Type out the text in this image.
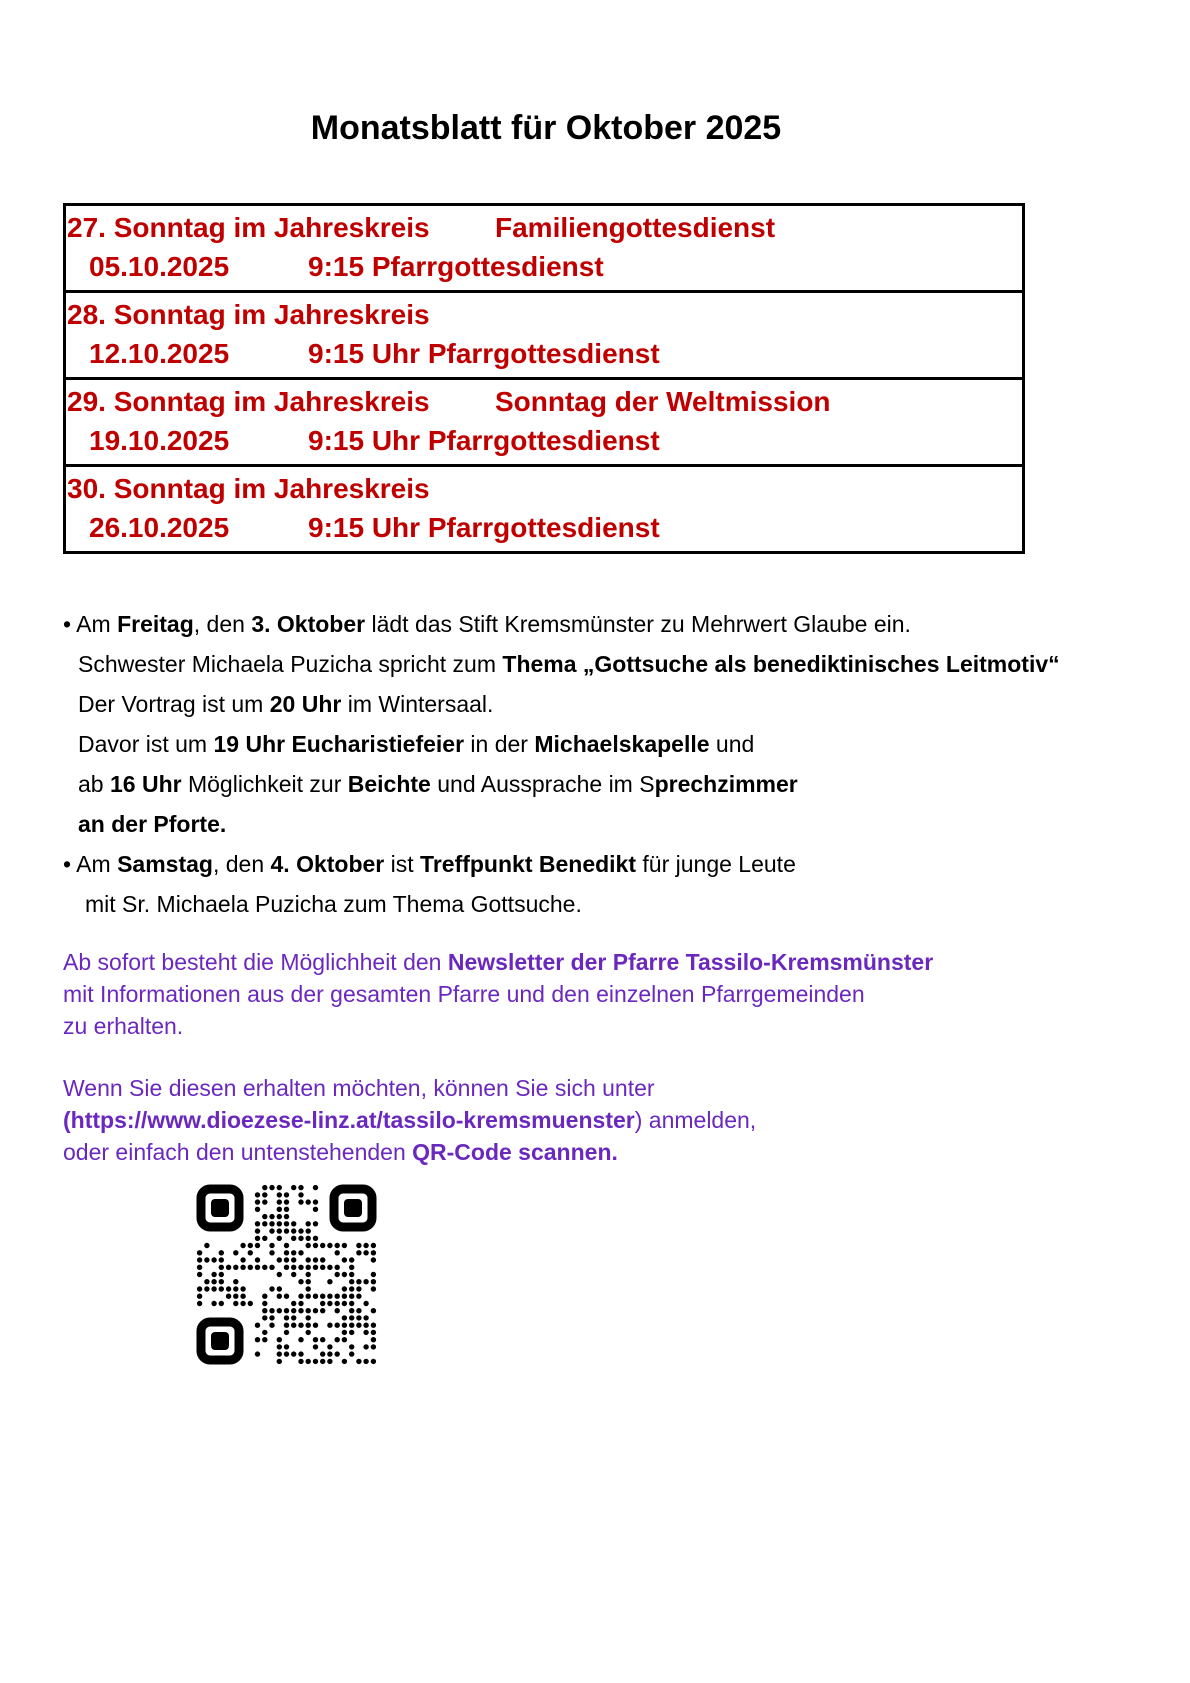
Monatsblatt für Oktober 2025
27. Sonntag im Jahreskreis Familiengottesdienst
05.10.2025	9:15 Pfarrgottesdienst
28. Sonntag im Jahreskreis
12.10.2025	9:15 Uhr Pfarrgottesdienst
29. Sonntag im Jahreskreis Sonntag der Weltmission
19.10.2025	9:15 Uhr Pfarrgottesdienst
30. Sonntag im Jahreskreis
26.10.2025	9:15 Uhr Pfarrgottesdienst
• Am Freitag, den 3. Oktober lädt das Stift Kremsmünster zu Mehrwert Glaube ein.
Schwester Michaela Puzicha spricht zum Thema „Gottsuche als benediktinisches Leitmotiv“
Der Vortrag ist um 20 Uhr im Wintersaal.
Davor ist um 19 Uhr Eucharistiefeier in der Michaelskapelle und
ab 16 Uhr Möglichkeit zur Beichte und Aussprache im Sprechzimmer
an der Pforte.
• Am Samstag, den 4. Oktober ist Treffpunkt Benedikt für junge Leute
mit Sr. Michaela Puzicha zum Thema Gottsuche.
Ab sofort besteht die Möglichheit den Newsletter der Pfarre Tassilo-Kremsmünster
mit Informationen aus der gesamten Pfarre und den einzelnen Pfarrgemeinden
zu erhalten.
Wenn Sie diesen erhalten möchten, können Sie sich unter
(https://www.dioezese-linz.at/tassilo-kremsmuenster) anmelden,
oder einfach den untenstehenden QR-Code scannen.
